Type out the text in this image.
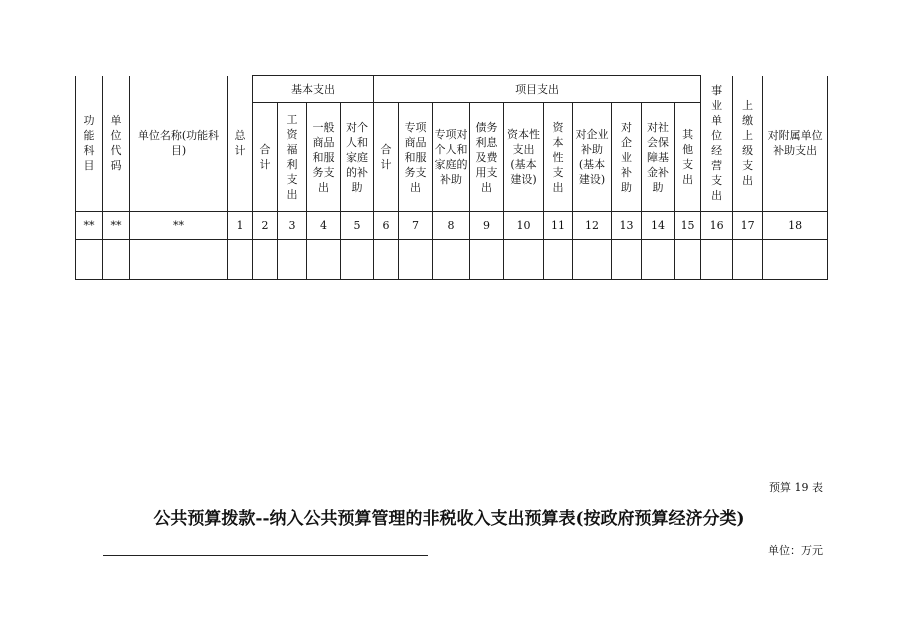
功能科目	单位代码	单位名称(功能科目)	总计	基本支出				项目支出										事业单位经营支出	上缴上级支出	对附属单位补助支出
				合计	工资福利支出	一般商品和服务支出	对个人和家庭的补助	合计	专项商品和服务支出	专项对个人和家庭的补助	债务利息及费用支出	资本性支出(基本建设)	资本性支出	对企业补助(基本建设)	对企业补助	对社会保障基金补助	其他支出			
**	**	**	1	2	3	4	5	6	7	8	9	10	11	12	13	14	15	16	17	18

预算 19 表
公共预算拨款--纳入公共预算管理的非税收入支出预算表(按政府预算经济分类)
单位：万元
